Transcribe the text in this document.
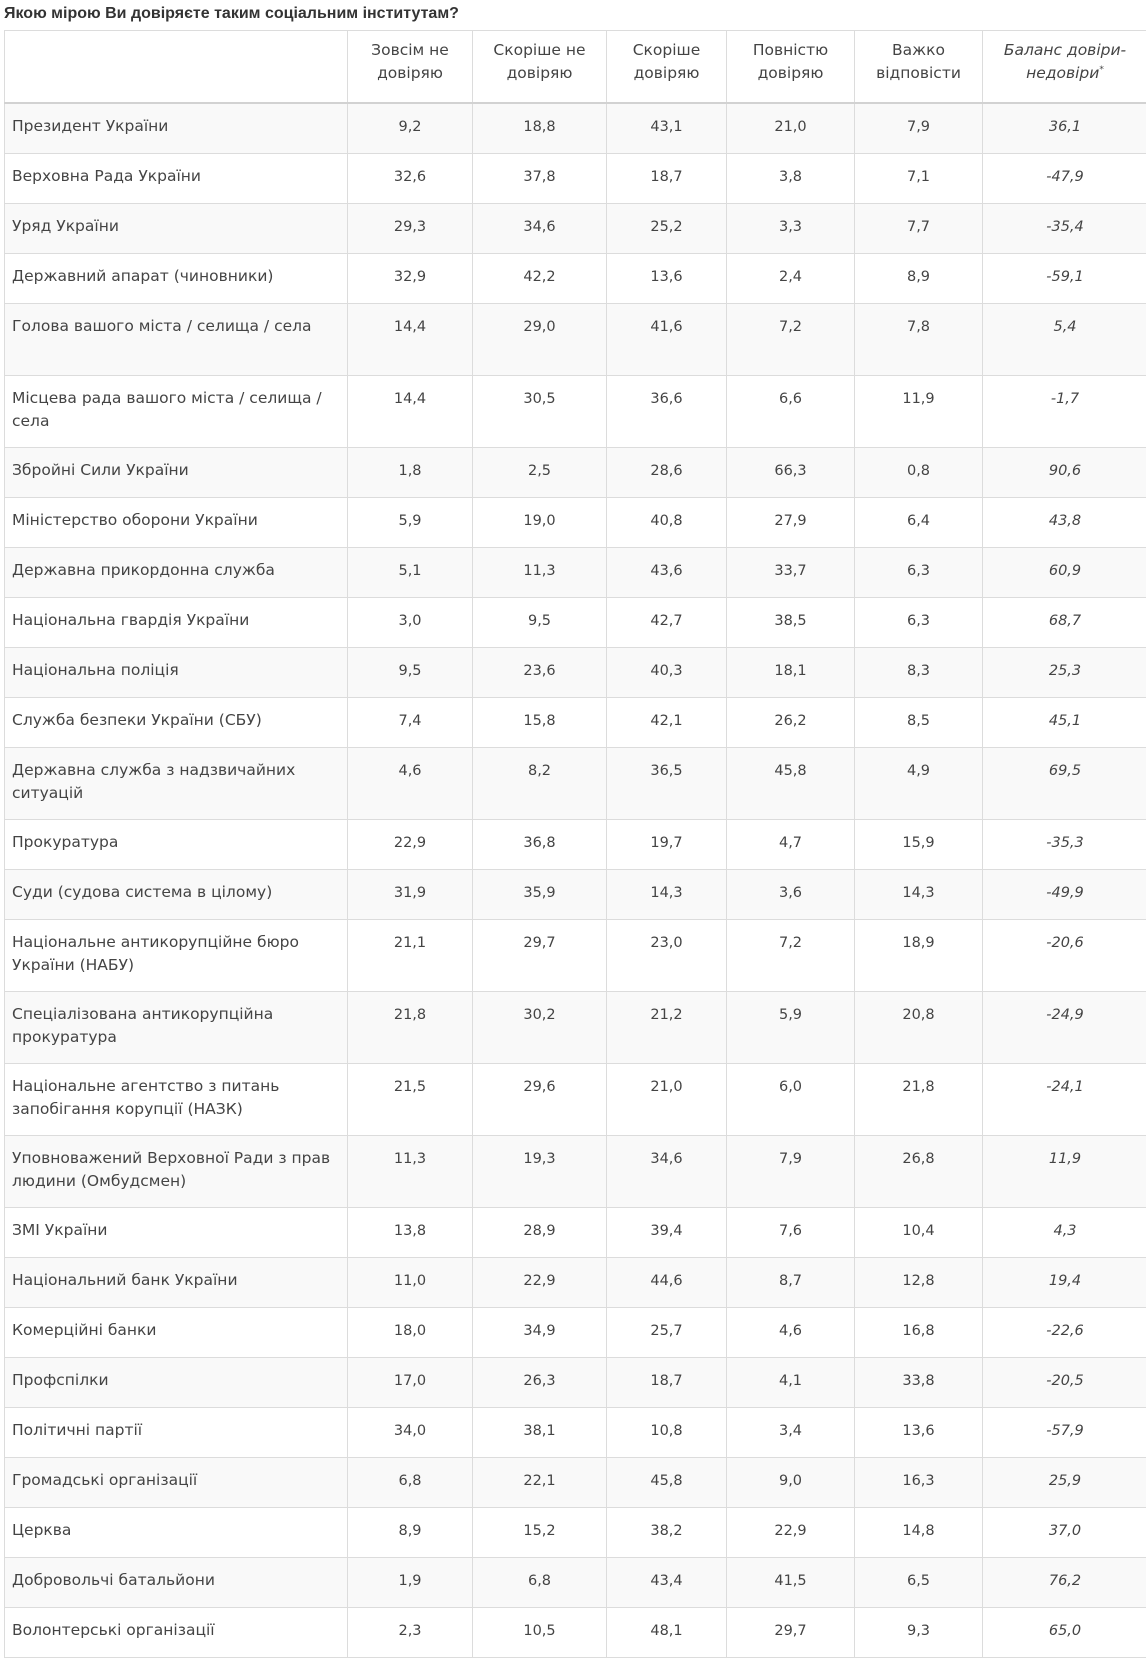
Якою мірою Ви довіряєте таким соціальним інститутам?
	Зовсім не довіряю	Скоріше не довіряю	Скоріше довіряю	Повністю довіряю	Важко відповісти	Баланс довіри-недовіри*
Президент України	9,2	18,8	43,1	21,0	7,9	36,1
Верховна Рада України	32,6	37,8	18,7	3,8	7,1	-47,9
Уряд України	29,3	34,6	25,2	3,3	7,7	-35,4
Державний апарат (чиновники)	32,9	42,2	13,6	2,4	8,9	-59,1
Голова вашого міста / селища / села	14,4	29,0	41,6	7,2	7,8	5,4
Місцева рада вашого міста / селища / села	14,4	30,5	36,6	6,6	11,9	-1,7
Збройні Сили України	1,8	2,5	28,6	66,3	0,8	90,6
Міністерство оборони України	5,9	19,0	40,8	27,9	6,4	43,8
Державна прикордонна служба	5,1	11,3	43,6	33,7	6,3	60,9
Національна гвардія України	3,0	9,5	42,7	38,5	6,3	68,7
Національна поліція	9,5	23,6	40,3	18,1	8,3	25,3
Служба безпеки України (СБУ)	7,4	15,8	42,1	26,2	8,5	45,1
Державна служба з надзвичайних ситуацій	4,6	8,2	36,5	45,8	4,9	69,5
Прокуратура	22,9	36,8	19,7	4,7	15,9	-35,3
Суди (судова система в цілому)	31,9	35,9	14,3	3,6	14,3	-49,9
Національне антикорупційне бюро України (НАБУ)	21,1	29,7	23,0	7,2	18,9	-20,6
Спеціалізована антикорупційна прокуратура	21,8	30,2	21,2	5,9	20,8	-24,9
Національне агентство з питань запобігання корупції (НАЗК)	21,5	29,6	21,0	6,0	21,8	-24,1
Уповноважений Верховної Ради з прав людини (Омбудсмен)	11,3	19,3	34,6	7,9	26,8	11,9
ЗМІ України	13,8	28,9	39,4	7,6	10,4	4,3
Національний банк України	11,0	22,9	44,6	8,7	12,8	19,4
Комерційні банки	18,0	34,9	25,7	4,6	16,8	-22,6
Профспілки	17,0	26,3	18,7	4,1	33,8	-20,5
Політичні партії	34,0	38,1	10,8	3,4	13,6	-57,9
Громадські організації	6,8	22,1	45,8	9,0	16,3	25,9
Церква	8,9	15,2	38,2	22,9	14,8	37,0
Добровольчі батальйони	1,9	6,8	43,4	41,5	6,5	76,2
Волонтерські організації	2,3	10,5	48,1	29,7	9,3	65,0
